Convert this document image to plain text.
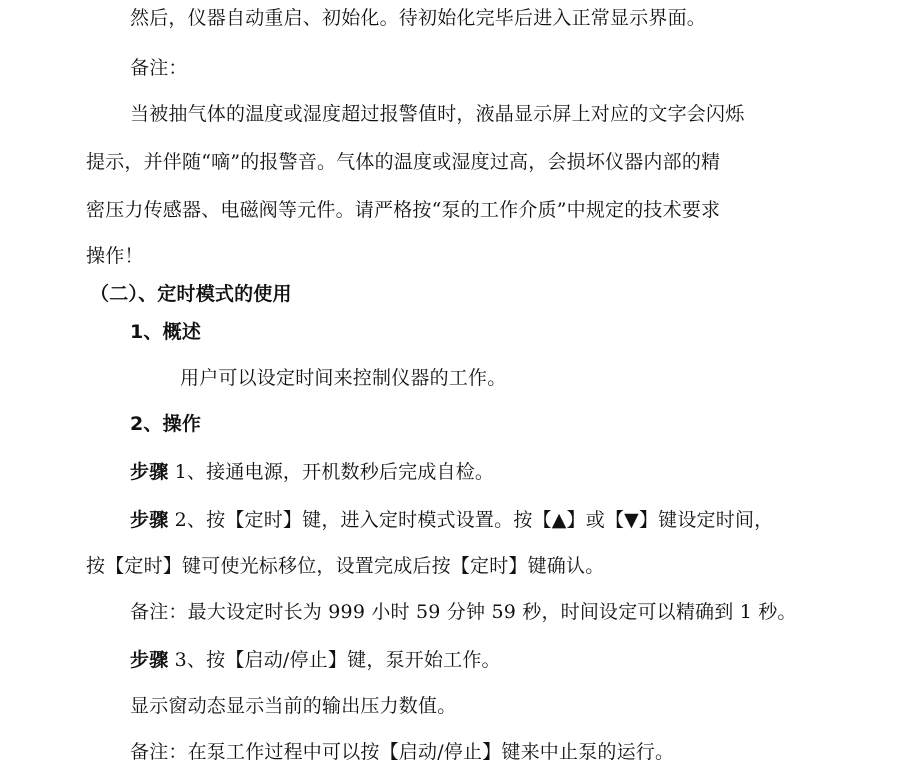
然后，仪器自动重启、初始化。待初始化完毕后进入正常显示界面。
备注：
当被抽气体的温度或湿度超过报警值时，液晶显示屏上对应的文字会闪烁
提示，并伴随“嘀”的报警音。气体的温度或湿度过高，会损坏仪器内部的精
密压力传感器、电磁阀等元件。请严格按“泵的工作介质”中规定的技术要求
操作！
（二）、定时模式的使用
1、概述
用户可以设定时间来控制仪器的工作。
2、操作
步骤 1、接通电源，开机数秒后完成自检。
步骤 2、按【定时】键，进入定时模式设置。按【▲】或【▼】键设定时间，
按【定时】键可使光标移位，设置完成后按【定时】键确认。
备注：最大设定时长为 999 小时 59 分钟 59 秒，时间设定可以精确到 1 秒。
步骤 3、按【启动/停止】键，泵开始工作。
显示窗动态显示当前的输出压力数值。
备注：在泵工作过程中可以按【启动/停止】键来中止泵的运行。
